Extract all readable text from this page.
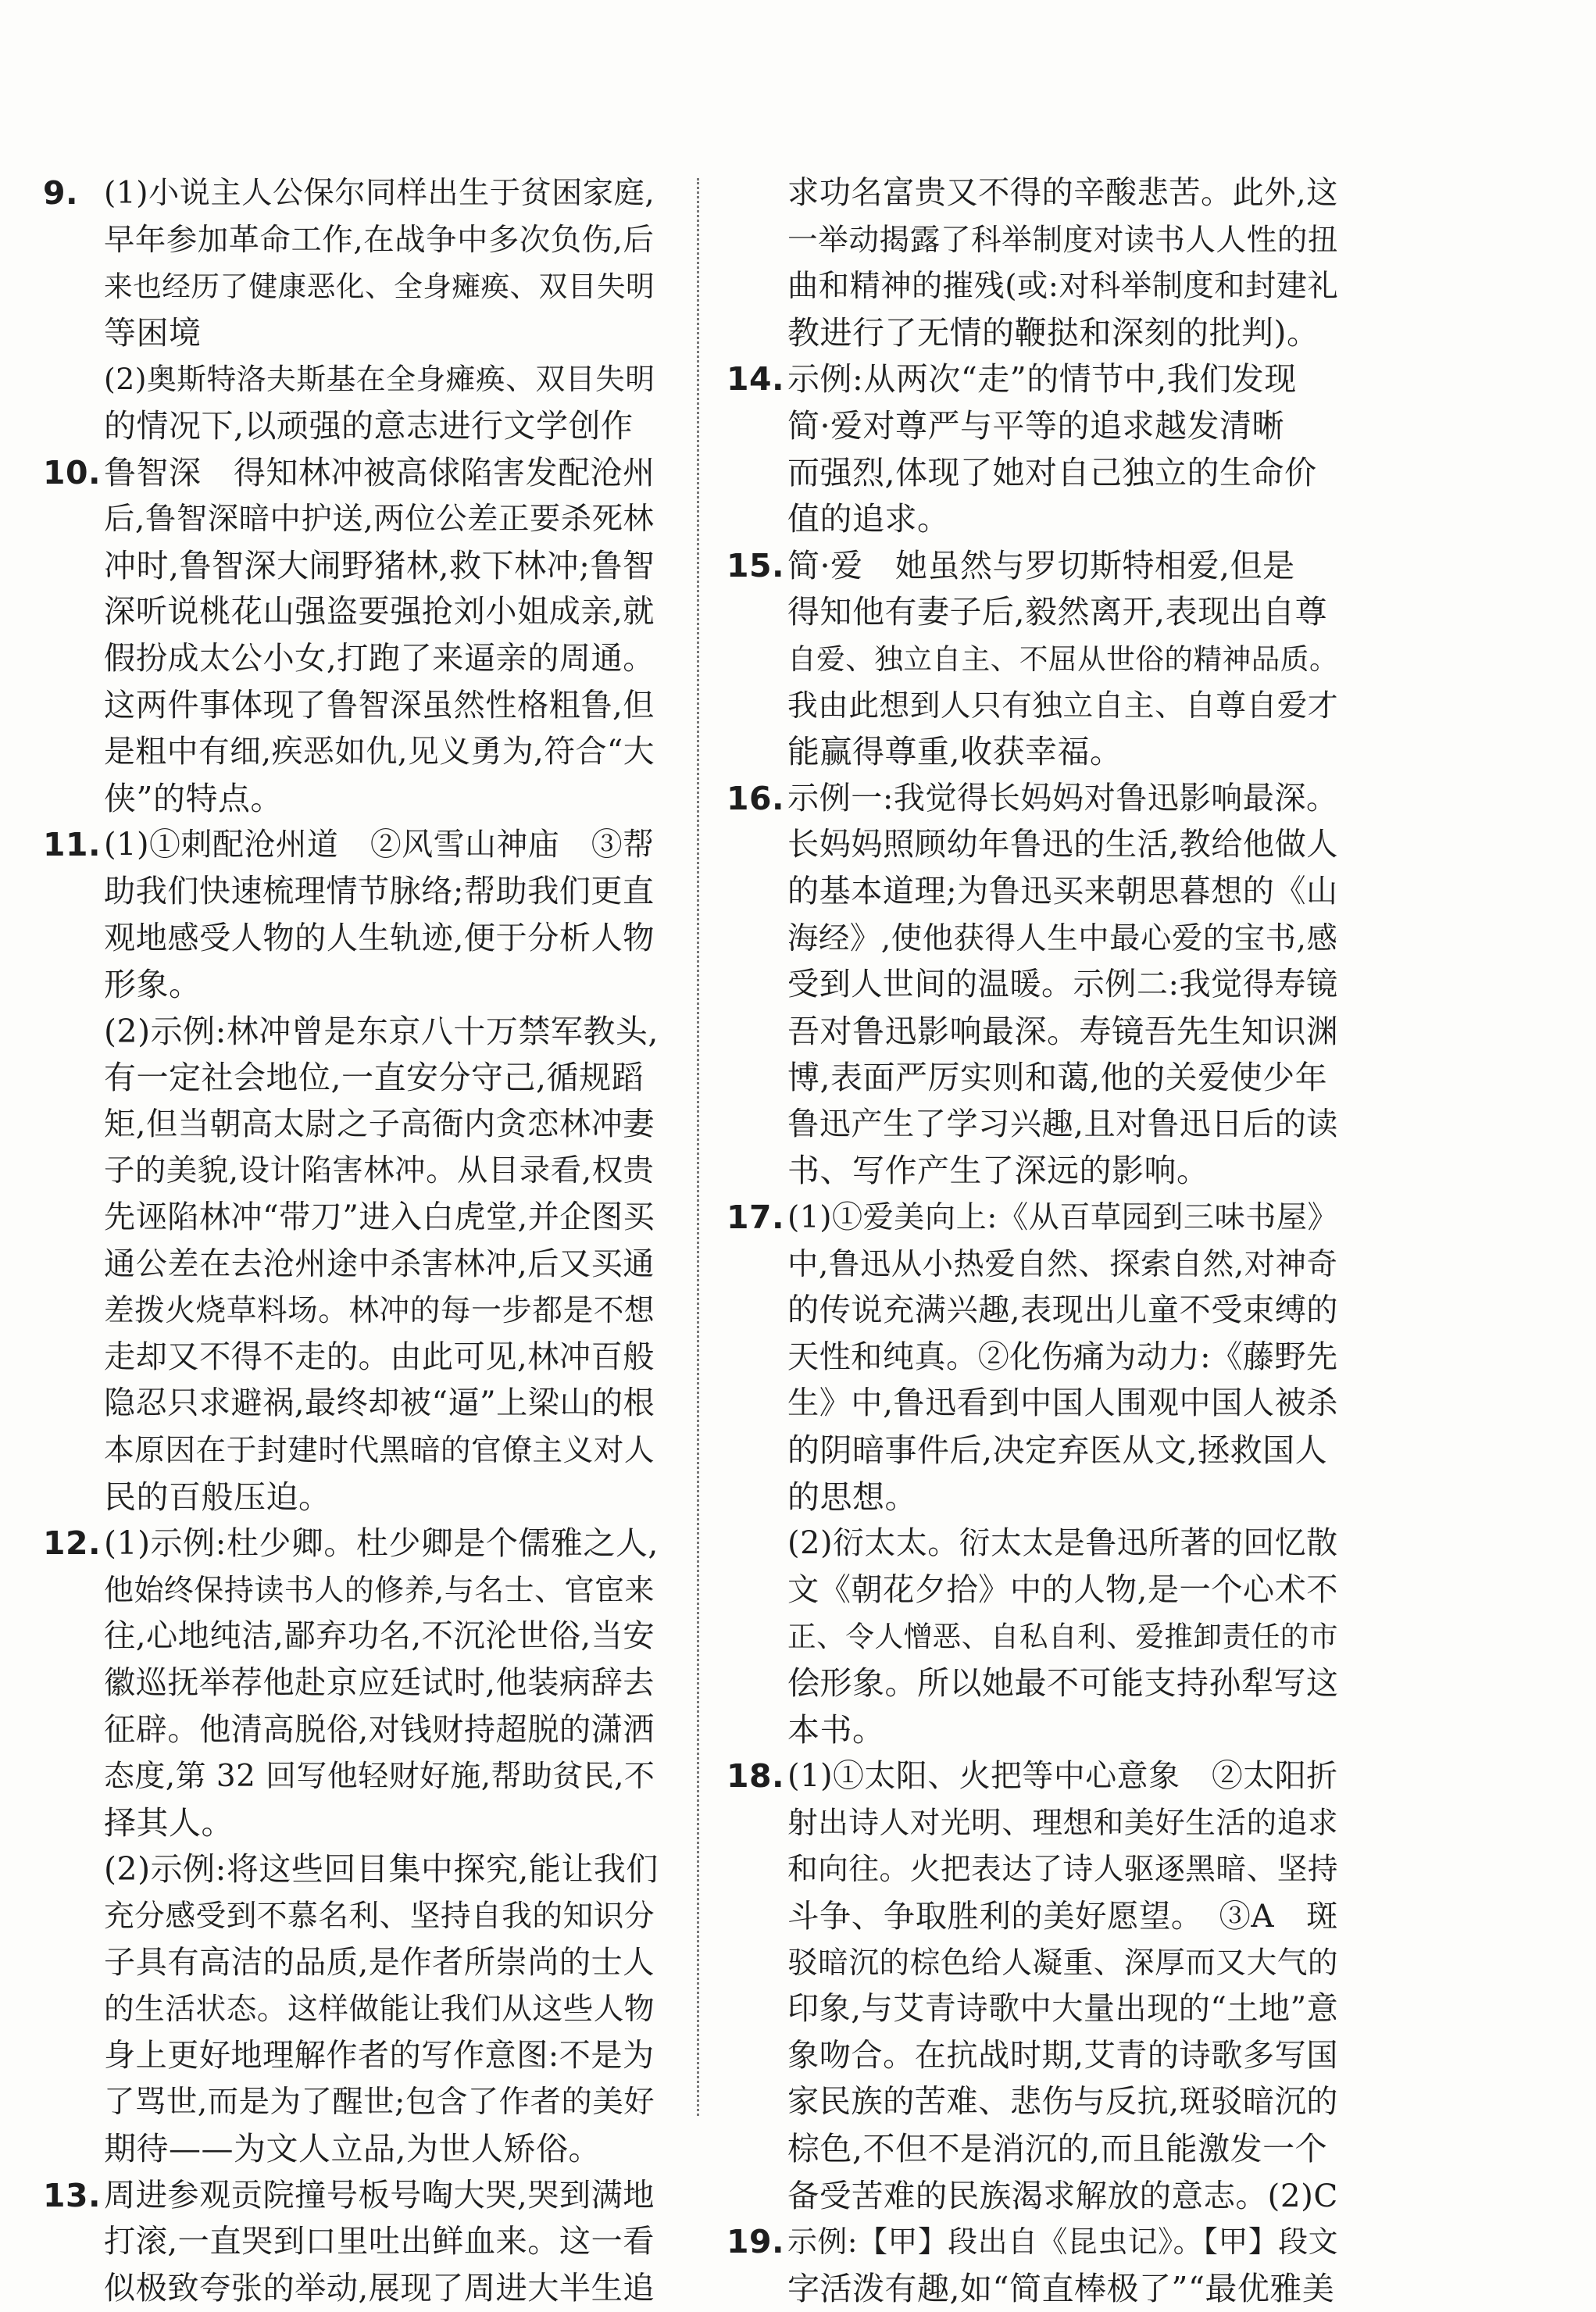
9. (1)小说主人公保尔同样出生于贫困家庭,
早年参加革命工作,在战争中多次负伤,后
来也经历了健康恶化、全身瘫痪、双目失明
等困境
(2)奥斯特洛夫斯基在全身瘫痪、双目失明
的情况下,以顽强的意志进行文学创作
10. 鲁智深　得知林冲被高俅陷害发配沧州
后,鲁智深暗中护送,两位公差正要杀死林
冲时,鲁智深大闹野猪林,救下林冲;鲁智
深听说桃花山强盗要强抢刘小姐成亲,就
假扮成太公小女,打跑了来逼亲的周通。
这两件事体现了鲁智深虽然性格粗鲁,但
是粗中有细,疾恶如仇,见义勇为,符合“大
侠”的特点。
11. (1)①刺配沧州道　②风雪山神庙　③帮
助我们快速梳理情节脉络;帮助我们更直
观地感受人物的人生轨迹,便于分析人物
形象。
(2)示例:林冲曾是东京八十万禁军教头,
有一定社会地位,一直安分守己,循规蹈
矩,但当朝高太尉之子高衙内贪恋林冲妻
子的美貌,设计陷害林冲。从目录看,权贵
先诬陷林冲“带刀”进入白虎堂,并企图买
通公差在去沧州途中杀害林冲,后又买通
差拨火烧草料场。林冲的每一步都是不想
走却又不得不走的。由此可见,林冲百般
隐忍只求避祸,最终却被“逼”上梁山的根
本原因在于封建时代黑暗的官僚主义对人
民的百般压迫。
12. (1)示例:杜少卿。杜少卿是个儒雅之人,
他始终保持读书人的修养,与名士、官宦来
往,心地纯洁,鄙弃功名,不沉沦世俗,当安
徽巡抚举荐他赴京应廷试时,他装病辞去
征辟。他清高脱俗,对钱财持超脱的潇洒
态度,第 32 回写他轻财好施,帮助贫民,不
择其人。
(2)示例:将这些回目集中探究,能让我们
充分感受到不慕名利、坚持自我的知识分
子具有高洁的品质,是作者所崇尚的士人
的生活状态。这样做能让我们从这些人物
身上更好地理解作者的写作意图:不是为
了骂世,而是为了醒世;包含了作者的美好
期待——为文人立品,为世人矫俗。
13. 周进参观贡院撞号板号啕大哭,哭到满地
打滚,一直哭到口里吐出鲜血来。这一看
似极致夸张的举动,展现了周进大半生追
求功名富贵又不得的辛酸悲苦。此外,这
一举动揭露了科举制度对读书人人性的扭
曲和精神的摧残(或:对科举制度和封建礼
教进行了无情的鞭挞和深刻的批判)。
14. 示例:从两次“走”的情节中,我们发现
简·爱对尊严与平等的追求越发清晰
而强烈,体现了她对自己独立的生命价
值的追求。
15. 简·爱　她虽然与罗切斯特相爱,但是
得知他有妻子后,毅然离开,表现出自尊
自爱、独立自主、不屈从世俗的精神品质。
我由此想到人只有独立自主、自尊自爱才
能赢得尊重,收获幸福。
16. 示例一:我觉得长妈妈对鲁迅影响最深。
长妈妈照顾幼年鲁迅的生活,教给他做人
的基本道理;为鲁迅买来朝思暮想的《山
海经》,使他获得人生中最心爱的宝书,感
受到人世间的温暖。示例二:我觉得寿镜
吾对鲁迅影响最深。寿镜吾先生知识渊
博,表面严厉实则和蔼,他的关爱使少年
鲁迅产生了学习兴趣,且对鲁迅日后的读
书、写作产生了深远的影响。
17. (1)①爱美向上:《从百草园到三味书屋》
中,鲁迅从小热爱自然、探索自然,对神奇
的传说充满兴趣,表现出儿童不受束缚的
天性和纯真。②化伤痛为动力:《藤野先
生》中,鲁迅看到中国人围观中国人被杀
的阴暗事件后,决定弃医从文,拯救国人
的思想。
(2)衍太太。衍太太是鲁迅所著的回忆散
文《朝花夕拾》中的人物,是一个心术不
正、令人憎恶、自私自利、爱推卸责任的市
侩形象。所以她最不可能支持孙犁写这
本书。
18. (1)①太阳、火把等中心意象　②太阳折
射出诗人对光明、理想和美好生活的追求
和向往。火把表达了诗人驱逐黑暗、坚持
斗争、争取胜利的美好愿望。　③A　斑
驳暗沉的棕色给人凝重、深厚而又大气的
印象,与艾青诗歌中大量出现的“土地”意
象吻合。在抗战时期,艾青的诗歌多写国
家民族的苦难、悲伤与反抗,斑驳暗沉的
棕色,不但不是消沉的,而且能激发一个
备受苦难的民族渴求解放的意志。(2)C
19. 示例:【甲】段出自《昆虫记》。【甲】段文
字活泼有趣,如“简直棒极了”“最优雅美
